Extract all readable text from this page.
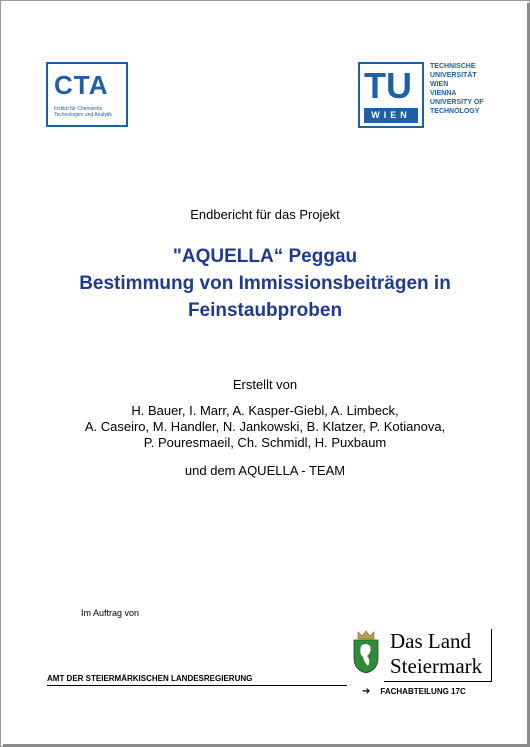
CTA
Institut für Chemische Technologien und Analytik
TU
WIEN
TECHNISCHE
UNIVERSITÄT
WIEN
VIENNA
UNIVERSITY OF
TECHNOLOGY
Endbericht für das Projekt
"AQUELLA“ Peggau
Bestimmung von Immissionsbeiträgen in
Feinstaubproben
Erstellt von
H. Bauer, I. Marr, A. Kasper-Giebl, A. Limbeck,
A. Caseiro, M. Handler, N. Jankowski, B. Klatzer, P. Kotianova,
P. Pouresmaeil, Ch. Schmidl, H. Puxbaum
und dem AQUELLA - TEAM
Im Auftrag von
Das Land
Steiermark
AMT DER STEIERMÄRKISCHEN LANDESREGIERUNG
➔ FACHABTEILUNG 17C
